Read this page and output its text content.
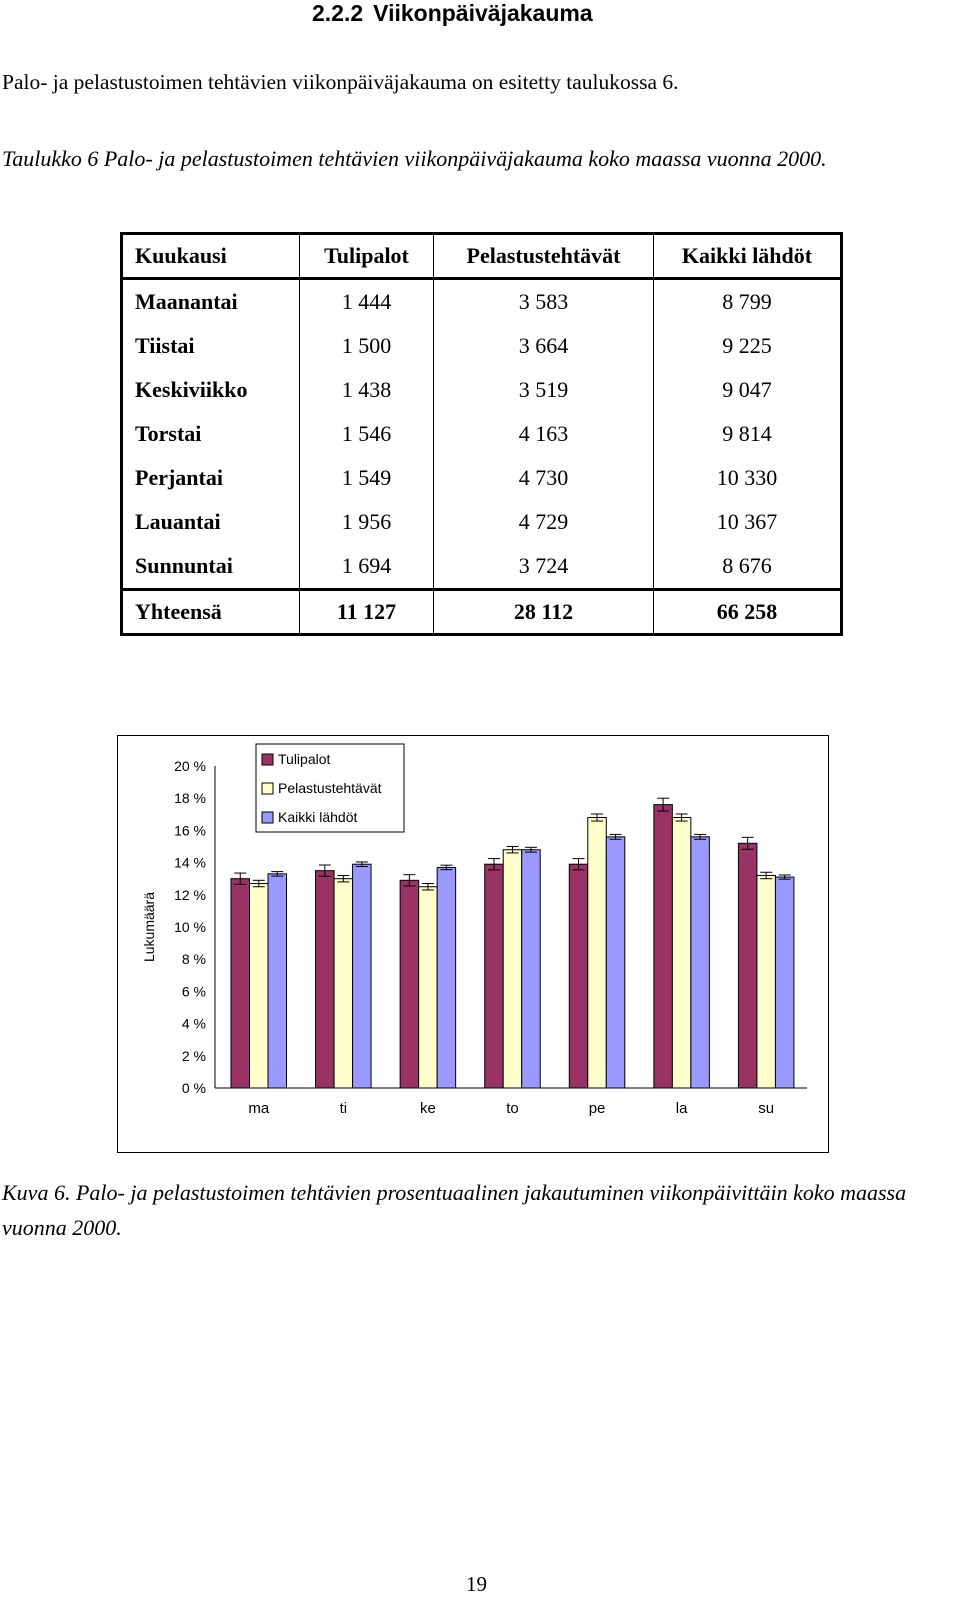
2.2.2 Viikonpäiväjakauma
Palo- ja pelastustoimen tehtävien viikonpäiväjakauma on esitetty taulukossa 6.
Taulukko 6 Palo- ja pelastustoimen tehtävien viikonpäiväjakauma koko maassa vuonna 2000.
Kuukausi	Tulipalot	Pelastustehtävät	Kaikki lähdöt
Maanantai	1 444	3 583	8 799
Tiistai	1 500	3 664	9 225
Keskiviikko	1 438	3 519	9 047
Torstai	1 546	4 163	9 814
Perjantai	1 549	4 730	10 330
Lauantai	1 956	4 729	10 367
Sunnuntai	1 694	3 724	8 676
Yhteensä	11 127	28 112	66 258
0 %
2 %
4 %
6 %
8 %
10 %
12 %
14 %
16 %
18 %
20 %
Lukumäärä
ma	ti	ke	to	pe	la	su
Tulipalot
Pelastustehtävät
Kaikki lähdöt
Kuva 6. Palo- ja pelastustoimen tehtävien prosentuaalinen jakautuminen viikonpäivittäin koko maassa vuonna 2000.
19
